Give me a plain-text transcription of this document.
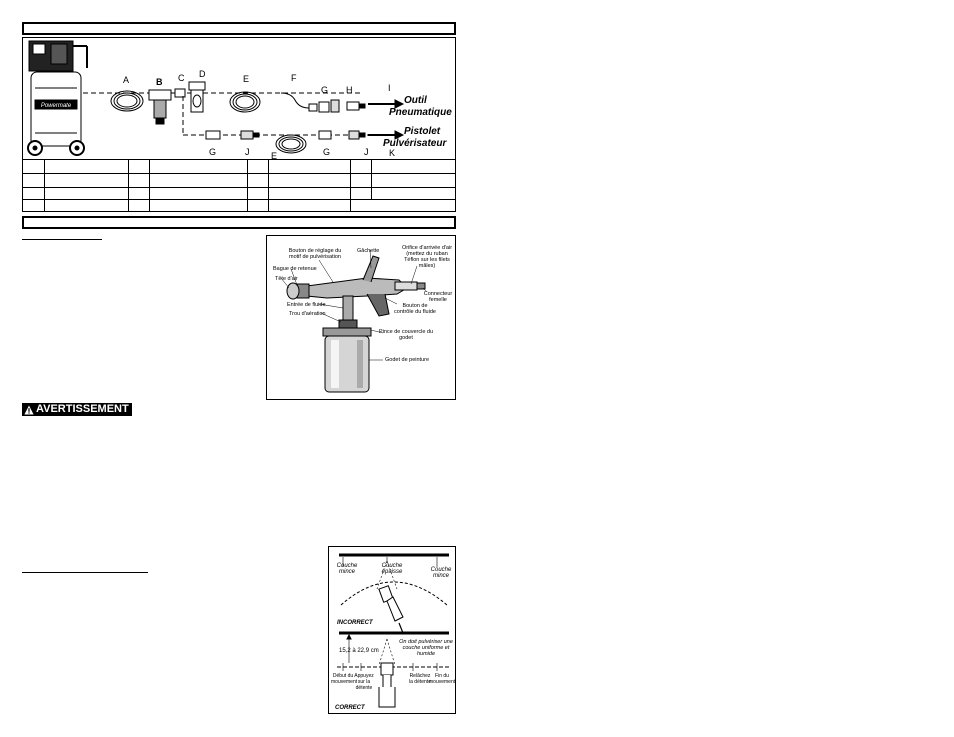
Powermate
A	B C D	E	F
G H	I
G	J E	G	J K
Outil
Pneumatique
Pistolet
Pulvérisateur
Bouton de réglage du motif de pulvérisation
Gâchette	Orifice d'arrivée d'air (mettez du ruban Téflon sur les filets mâles)
Bague de retenue
Tête d'air
Connecteur femelle
Entrée de fluide	Bouton de contrôle du fluide
Trou d'aération
Pince de couvercle du godet
Godet de peinture
AVERTISSEMENT
Couche mince
Couche épaisse	Couche mince
INCORRECT
15,2 à 22,9 cm
On doit pulvériser une couche uniforme et humide
Début du mouvement
Appuyez sur la détente
Relâchez la détente
Fin du mouvement
CORRECT
